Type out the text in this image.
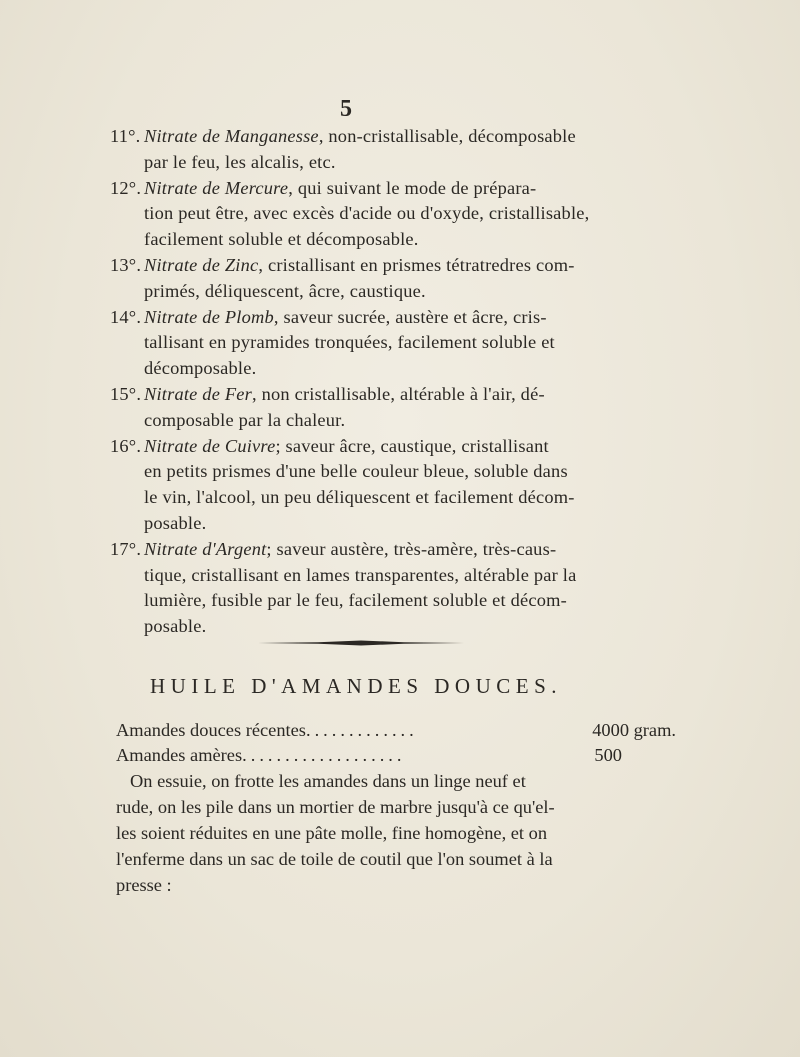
5
11°. Nitrate de Manganesse, non-cristallisable, décomposable
par le feu, les alcalis, etc.
12°. Nitrate de Mercure, qui suivant le mode de prépara-
tion peut être, avec excès d'acide ou d'oxyde, cristallisable,
facilement soluble et décomposable.
13°. Nitrate de Zinc, cristallisant en prismes tétratredres com-
primés, déliquescent, âcre, caustique.
14°. Nitrate de Plomb, saveur sucrée, austère et âcre, cris-
tallisant en pyramides tronquées, facilement soluble et
décomposable.
15°. Nitrate de Fer, non cristallisable, altérable à l'air, dé-
composable par la chaleur.
16°. Nitrate de Cuivre; saveur âcre, caustique, cristallisant
en petits prismes d'une belle couleur bleue, soluble dans
le vin, l'alcool, un peu déliquescent et facilement décom-
posable.
17°. Nitrate d'Argent; saveur austère, très-amère, très-caus-
tique, cristallisant en lames transparentes, altérable par la
lumière, fusible par le feu, facilement soluble et décom-
posable.
HUILE D'AMANDES DOUCES.
Amandes douces récentes. ............	4000 gram.
Amandes amères. ..................	500
On essuie, on frotte les amandes dans un linge neuf et
rude, on les pile dans un mortier de marbre jusqu'à ce qu'el-
les soient réduites en une pâte molle, fine homogène, et on
l'enferme dans un sac de toile de coutil que l'on soumet à la
presse :
